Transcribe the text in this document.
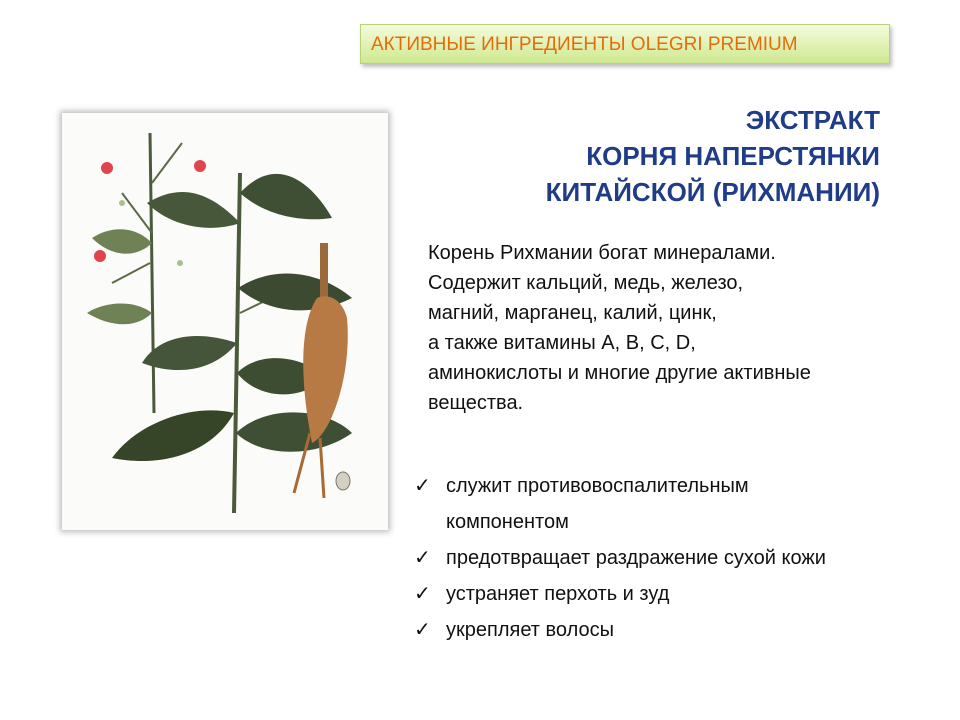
АКТИВНЫЕ ИНГРЕДИЕНТЫ OLEGRI PREMIUM
ЭКСТРАКТ
КОРНЯ НАПЕРСТЯНКИ
КИТАЙСКОЙ (РИХМАНИИ)
Корень Рихмании богат минералами.
Содержит кальций, медь, железо,
магний, марганец, калий, цинк,
а также витамины А, В, С, D,
аминокислоты и многие другие активные
вещества.
✓ служит противовоспалительным
компонентом
✓ предотвращает раздражение сухой кожи
✓ устраняет перхоть и зуд
✓ укрепляет волосы
